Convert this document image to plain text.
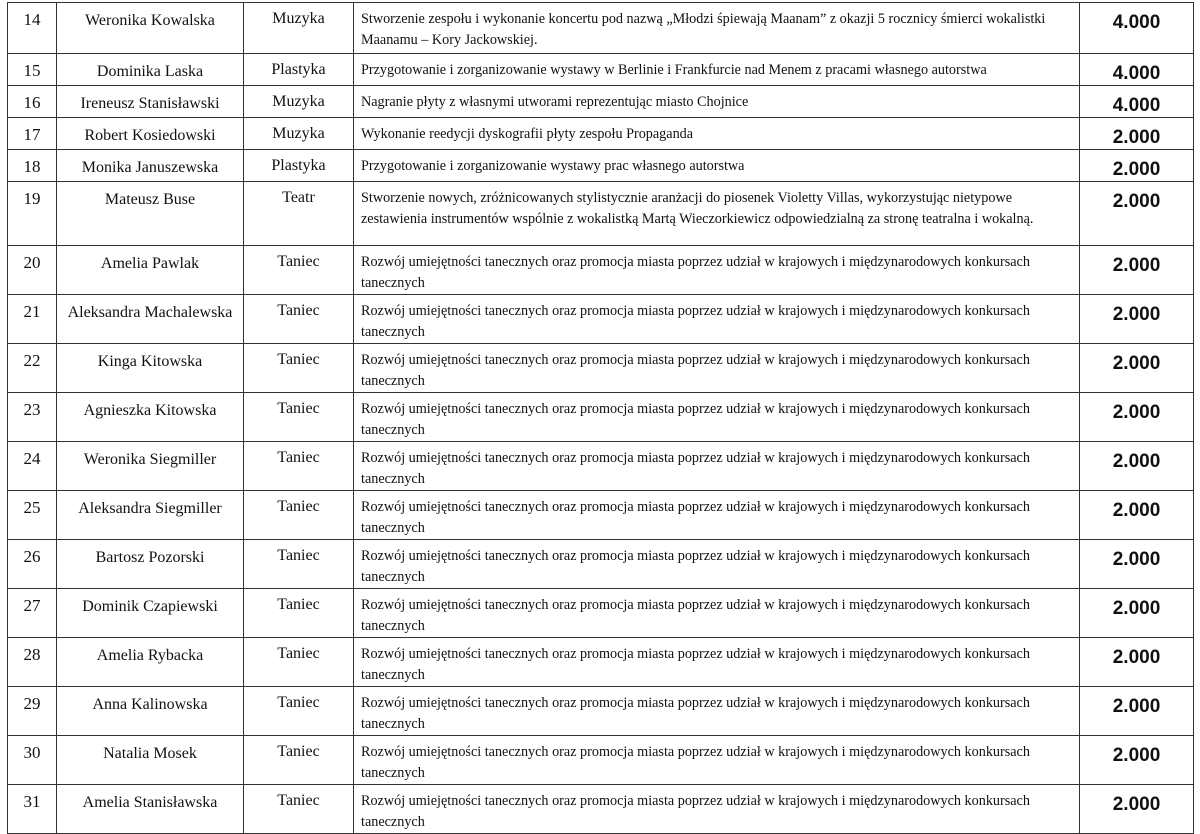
14	Weronika Kowalska	Muzyka	Stworzenie zespołu i wykonanie koncertu pod nazwą „Młodzi śpiewają Maanam” z okazji 5 rocznicy śmierci wokalistki Maanamu – Kory Jackowskiej.	4.000
15	Dominika Laska	Plastyka	Przygotowanie i zorganizowanie wystawy w Berlinie i Frankfurcie nad Menem z pracami własnego autorstwa	4.000
16	Ireneusz Stanisławski	Muzyka	Nagranie płyty z własnymi utworami reprezentując miasto Chojnice	4.000
17	Robert Kosiedowski	Muzyka	Wykonanie reedycji dyskografii płyty zespołu Propaganda	2.000
18	Monika Januszewska	Plastyka	Przygotowanie i zorganizowanie wystawy prac własnego autorstwa	2.000
19	Mateusz Buse	Teatr	Stworzenie nowych, zróżnicowanych stylistycznie aranżacji do piosenek Violetty Villas, wykorzystując nietypowe zestawienia instrumentów wspólnie z wokalistką Martą Wieczorkiewicz odpowiedzialną za stronę teatralna i wokalną.	2.000
20	Amelia Pawlak	Taniec	Rozwój umiejętności tanecznych oraz promocja miasta poprzez udział w krajowych i międzynarodowych konkursach tanecznych	2.000
21	Aleksandra Machalewska	Taniec	Rozwój umiejętności tanecznych oraz promocja miasta poprzez udział w krajowych i międzynarodowych konkursach tanecznych	2.000
22	Kinga Kitowska	Taniec	Rozwój umiejętności tanecznych oraz promocja miasta poprzez udział w krajowych i międzynarodowych konkursach tanecznych	2.000
23	Agnieszka Kitowska	Taniec	Rozwój umiejętności tanecznych oraz promocja miasta poprzez udział w krajowych i międzynarodowych konkursach tanecznych	2.000
24	Weronika Siegmiller	Taniec	Rozwój umiejętności tanecznych oraz promocja miasta poprzez udział w krajowych i międzynarodowych konkursach tanecznych	2.000
25	Aleksandra Siegmiller	Taniec	Rozwój umiejętności tanecznych oraz promocja miasta poprzez udział w krajowych i międzynarodowych konkursach tanecznych	2.000
26	Bartosz Pozorski	Taniec	Rozwój umiejętności tanecznych oraz promocja miasta poprzez udział w krajowych i międzynarodowych konkursach tanecznych	2.000
27	Dominik Czapiewski	Taniec	Rozwój umiejętności tanecznych oraz promocja miasta poprzez udział w krajowych i międzynarodowych konkursach tanecznych	2.000
28	Amelia Rybacka	Taniec	Rozwój umiejętności tanecznych oraz promocja miasta poprzez udział w krajowych i międzynarodowych konkursach tanecznych	2.000
29	Anna Kalinowska	Taniec	Rozwój umiejętności tanecznych oraz promocja miasta poprzez udział w krajowych i międzynarodowych konkursach tanecznych	2.000
30	Natalia Mosek	Taniec	Rozwój umiejętności tanecznych oraz promocja miasta poprzez udział w krajowych i międzynarodowych konkursach tanecznych	2.000
31	Amelia Stanisławska	Taniec	Rozwój umiejętności tanecznych oraz promocja miasta poprzez udział w krajowych i międzynarodowych konkursach tanecznych	2.000
